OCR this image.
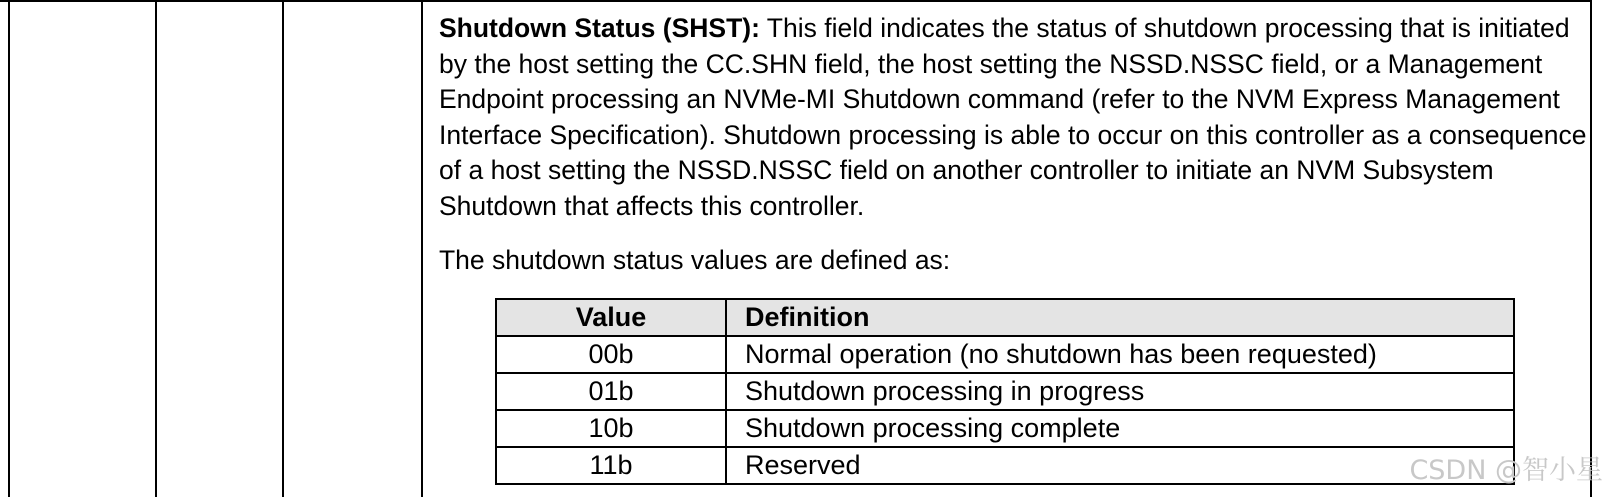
Shutdown Status (SHST): This field indicates the status of shutdown processing that is initiated by the host setting the CC.SHN field, the host setting the NSSD.NSSC field, or a Management Endpoint processing an NVMe-MI Shutdown command (refer to the NVM Express Management Interface Specification). Shutdown processing is able to occur on this controller as a consequence of a host setting the NSSD.NSSC field on another controller to initiate an NVM Subsystem Shutdown that affects this controller.

The shutdown status values are defined as:

Value	Definition
00b	Normal operation (no shutdown has been requested)
01b	Shutdown processing in progress
10b	Shutdown processing complete
11b	Reserved	CSDN @智小星
